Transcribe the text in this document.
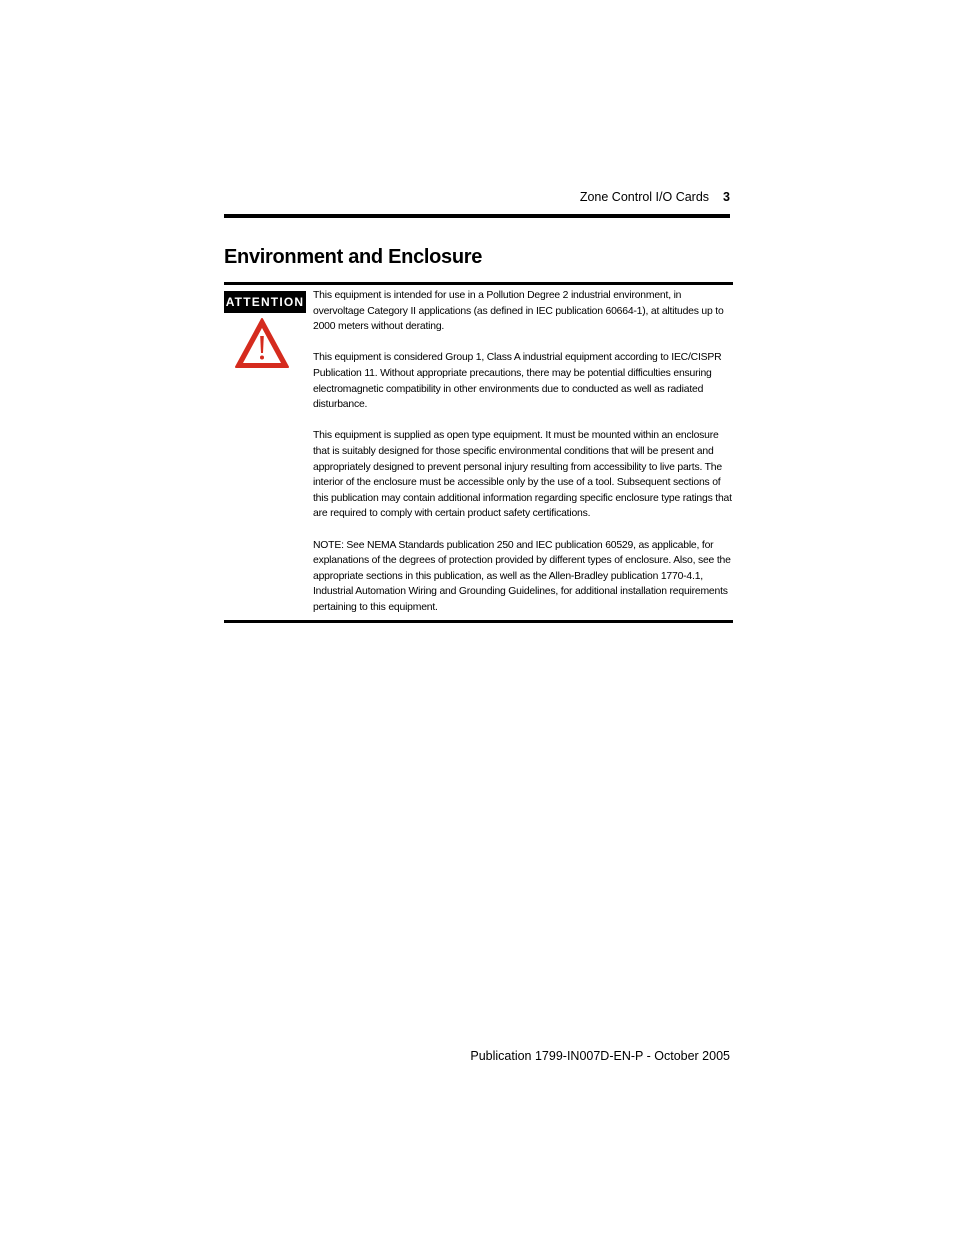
Zone Control I/O Cards 3
Environment and Enclosure
ATTENTION This equipment is intended for use in a Pollution Degree 2 industrial environment, in overvoltage Category II applications (as defined in IEC publication 60664-1), at altitudes up to 2000 meters without derating.

This equipment is considered Group 1, Class A industrial equipment according to IEC/CISPR Publication 11. Without appropriate precautions, there may be potential difficulties ensuring electromagnetic compatibility in other environments due to conducted as well as radiated disturbance.

This equipment is supplied as open type equipment. It must be mounted within an enclosure that is suitably designed for those specific environmental conditions that will be present and appropriately designed to prevent personal injury resulting from accessibility to live parts. The interior of the enclosure must be accessible only by the use of a tool. Subsequent sections of this publication may contain additional information regarding specific enclosure type ratings that are required to comply with certain product safety certifications.

NOTE: See NEMA Standards publication 250 and IEC publication 60529, as applicable, for explanations of the degrees of protection provided by different types of enclosure. Also, see the appropriate sections in this publication, as well as the Allen-Bradley publication 1770-4.1, Industrial Automation Wiring and Grounding Guidelines, for additional installation requirements pertaining to this equipment.

Publication 1799-IN007D-EN-P - October 2005
